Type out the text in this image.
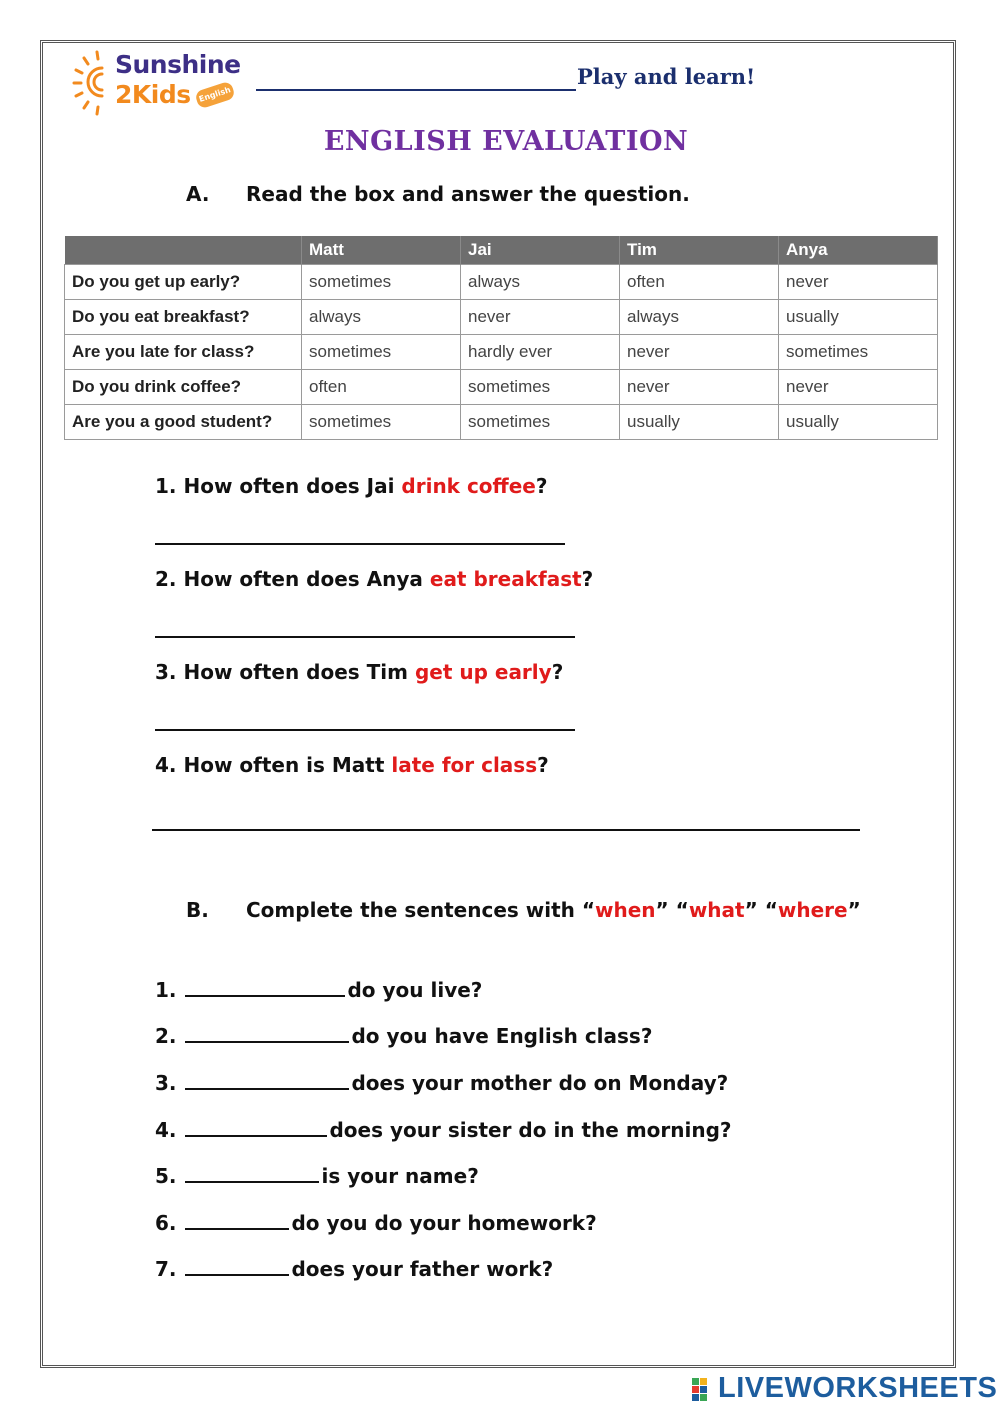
Sunshine
2Kids English
Play and learn!
ENGLISH EVALUATION
A. Read the box and answer the question.
	Matt	Jai	Tim	Anya
Do you get up early?	sometimes	always	often	never
Do you eat breakfast?	always	never	always	usually
Are you late for class?	sometimes	hardly ever	never	sometimes
Do you drink coffee?	often	sometimes	never	never
Are you a good student?	sometimes	sometimes	usually	usually
1. How often does Jai drink coffee?
2. How often does Anya eat breakfast?
3. How often does Tim get up early?
4. How often is Matt late for class?
B. Complete the sentences with “when” “what” “where”
1.	do you live?
2.	do you have English class?
3.	does your mother do on Monday?
4.	does your sister do in the morning?
5.	is your name?
6.	do you do your homework?
7.	does your father work?
LIVEWORKSHEETS
